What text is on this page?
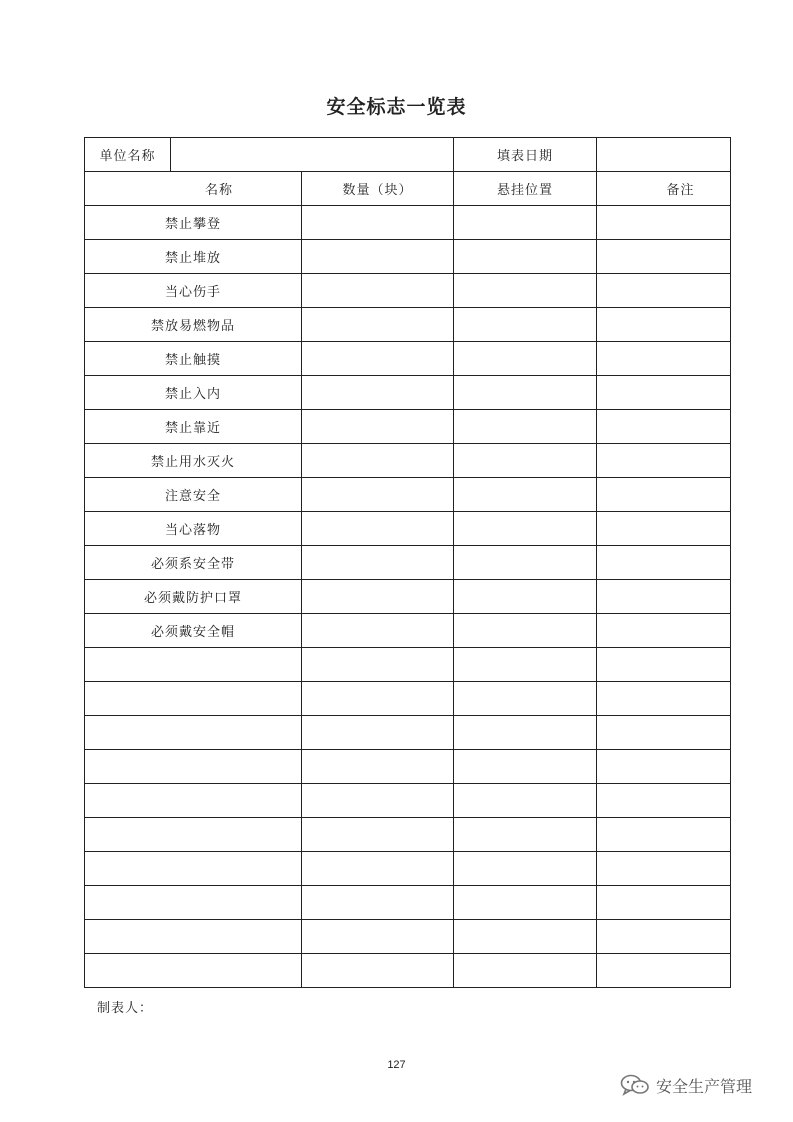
安全标志一览表
单位名称			填表日期	
名称		数量（块）	悬挂位置	备注
禁止攀登				
禁止堆放				
当心伤手				
禁放易燃物品				
禁止触摸				
禁止入内				
禁止靠近				
禁止用水灭火				
注意安全				
当心落物				
必须系安全带				
必须戴防护口罩				
必须戴安全帽				

制表人：
127
安全生产管理
